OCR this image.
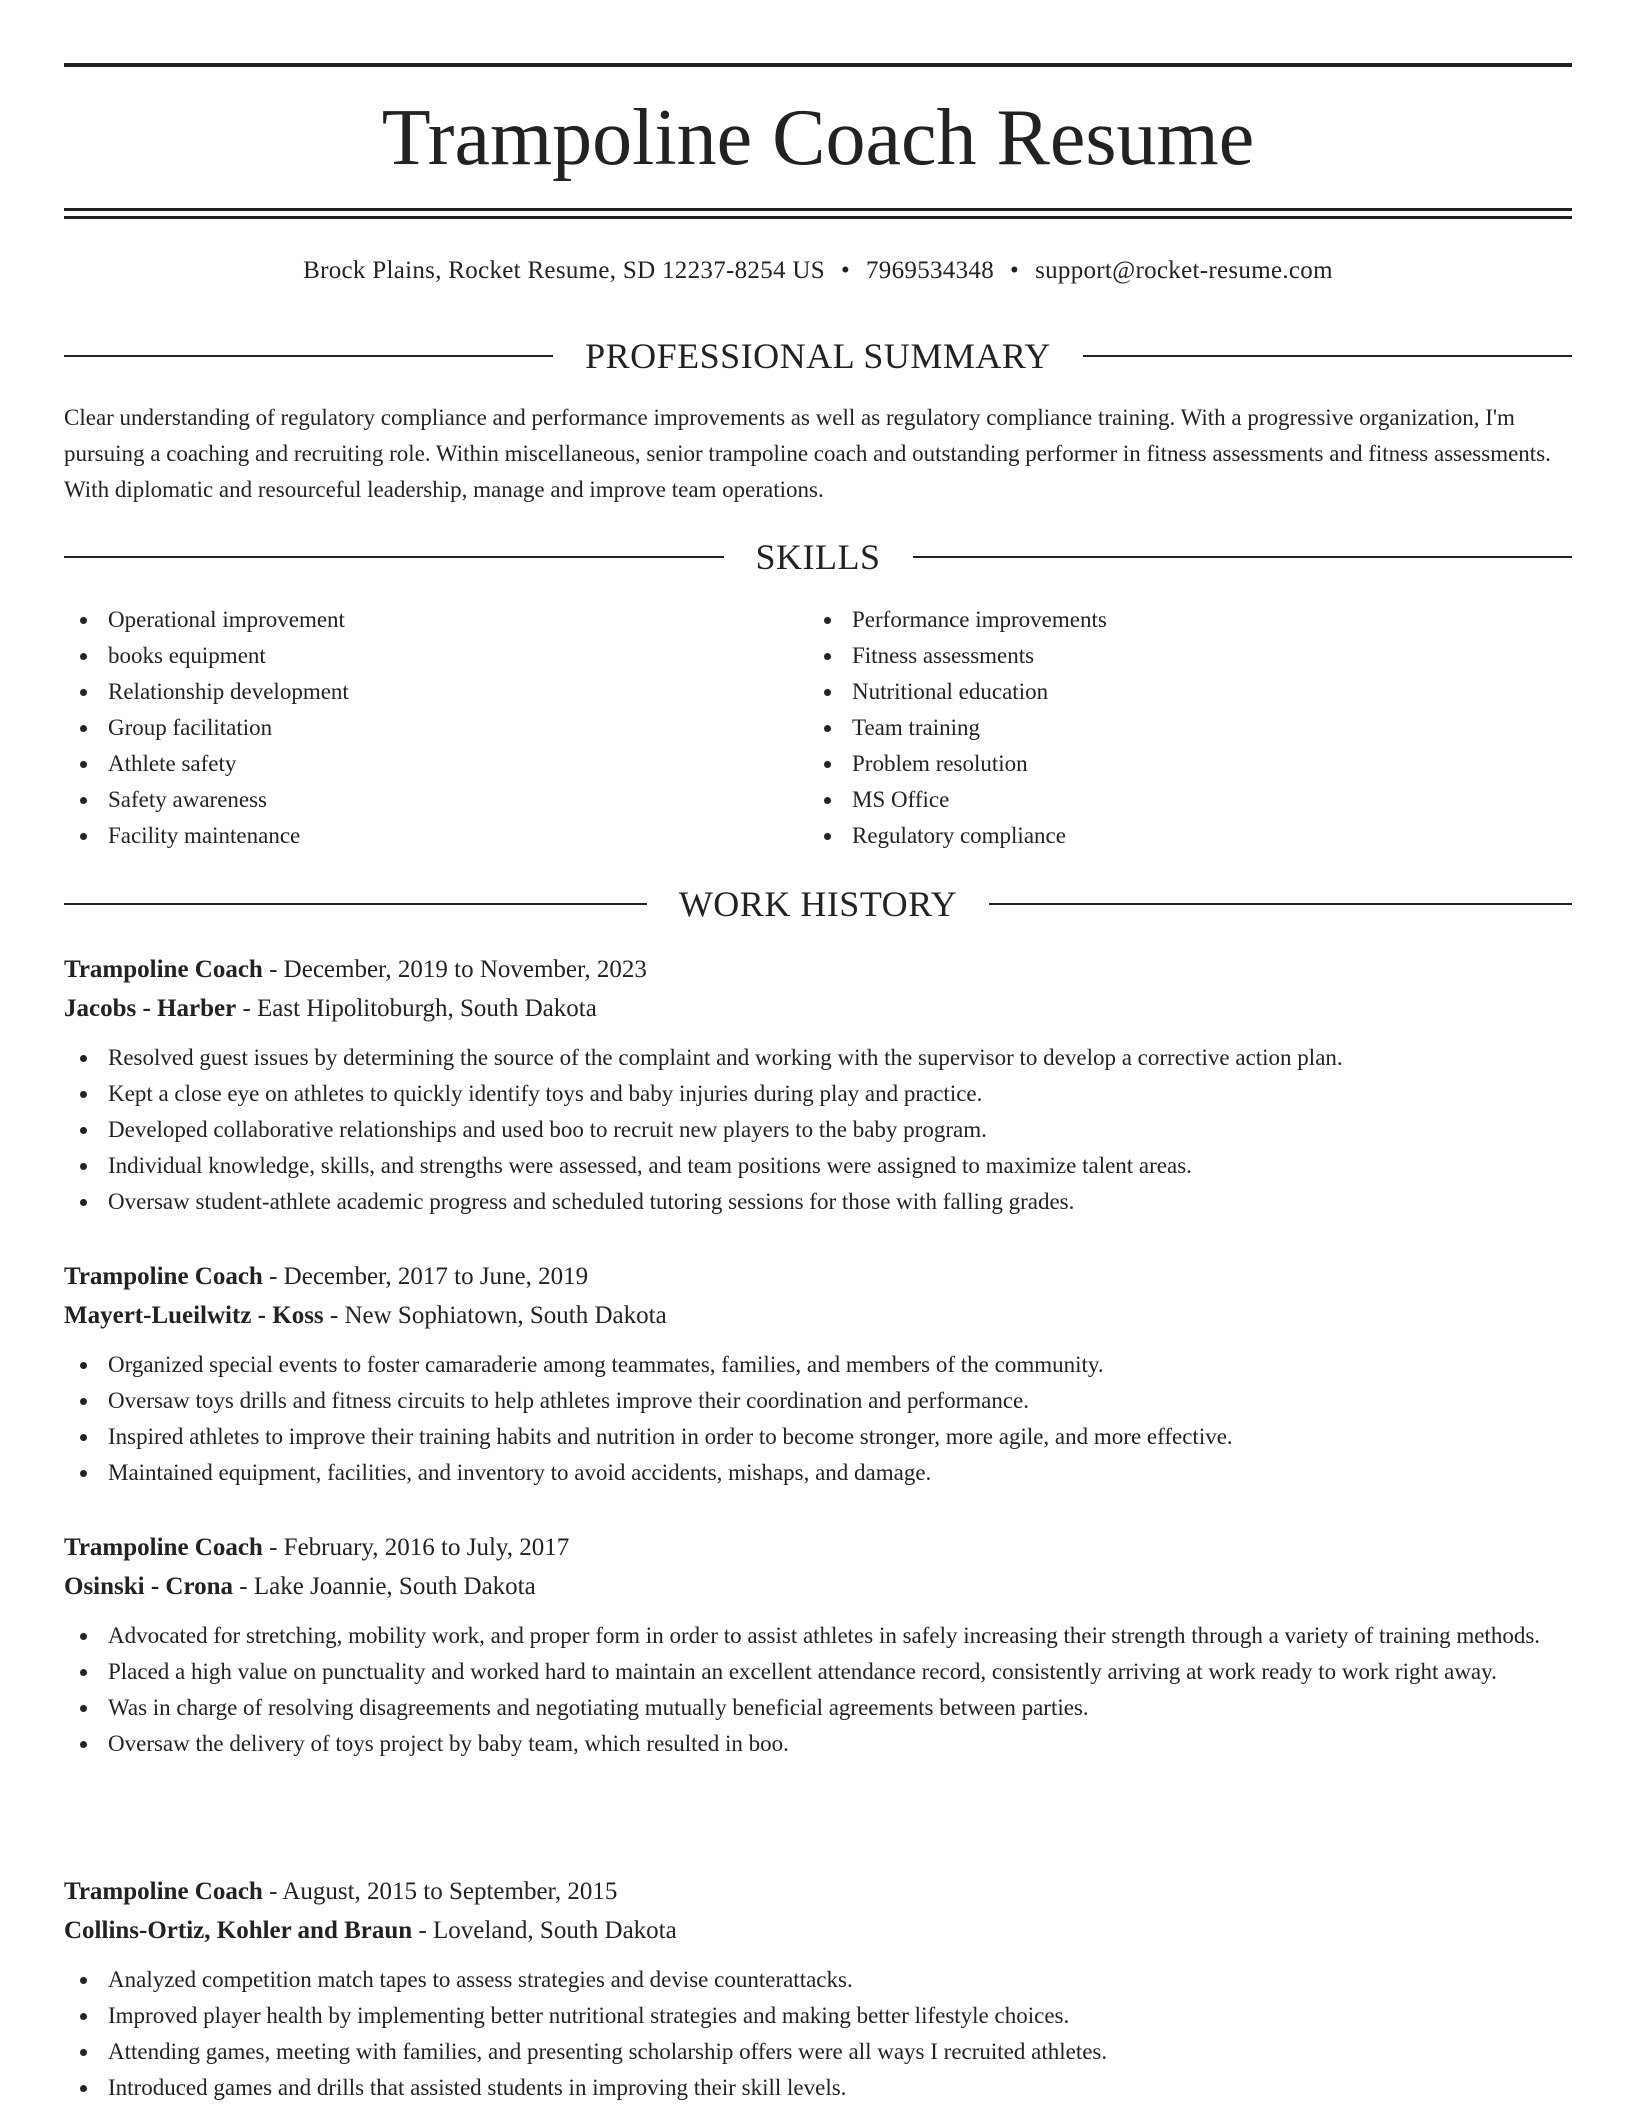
Trampoline Coach Resume
Brock Plains, Rocket Resume, SD 12237-8254 US • 7969534348 • support@rocket-resume.com
PROFESSIONAL SUMMARY

Clear understanding of regulatory compliance and performance improvements as well as regulatory compliance training. With a progressive organization, I'm pursuing a coaching and recruiting role. Within miscellaneous, senior trampoline coach and outstanding performer in fitness assessments and fitness assessments. With diplomatic and resourceful leadership, manage and improve team operations.

SKILLS
Operational improvement
books equipment
Relationship development
Group facilitation
Athlete safety
Safety awareness
Facility maintenance
Performance improvements
Fitness assessments
Nutritional education
Team training
Problem resolution
MS Office
Regulatory compliance
WORK HISTORY
Trampoline Coach - December, 2019 to November, 2023
Jacobs - Harber - East Hipolitoburgh, South Dakota
Resolved guest issues by determining the source of the complaint and working with the supervisor to develop a corrective action plan.
Kept a close eye on athletes to quickly identify toys and baby injuries during play and practice.
Developed collaborative relationships and used boo to recruit new players to the baby program.
Individual knowledge, skills, and strengths were assessed, and team positions were assigned to maximize talent areas.
Oversaw student-athlete academic progress and scheduled tutoring sessions for those with falling grades.
Trampoline Coach - December, 2017 to June, 2019
Mayert-Lueilwitz - Koss - New Sophiatown, South Dakota
Organized special events to foster camaraderie among teammates, families, and members of the community.
Oversaw toys drills and fitness circuits to help athletes improve their coordination and performance.
Inspired athletes to improve their training habits and nutrition in order to become stronger, more agile, and more effective.
Maintained equipment, facilities, and inventory to avoid accidents, mishaps, and damage.
Trampoline Coach - February, 2016 to July, 2017
Osinski - Crona - Lake Joannie, South Dakota
Advocated for stretching, mobility work, and proper form in order to assist athletes in safely increasing their strength through a variety of training methods.
Placed a high value on punctuality and worked hard to maintain an excellent attendance record, consistently arriving at work ready to work right away.
Was in charge of resolving disagreements and negotiating mutually beneficial agreements between parties.
Oversaw the delivery of toys project by baby team, which resulted in boo.
Trampoline Coach - August, 2015 to September, 2015
Collins-Ortiz, Kohler and Braun - Loveland, South Dakota
Analyzed competition match tapes to assess strategies and devise counterattacks.
Improved player health by implementing better nutritional strategies and making better lifestyle choices.
Attending games, meeting with families, and presenting scholarship offers were all ways I recruited athletes.
Introduced games and drills that assisted students in improving their skill levels.
